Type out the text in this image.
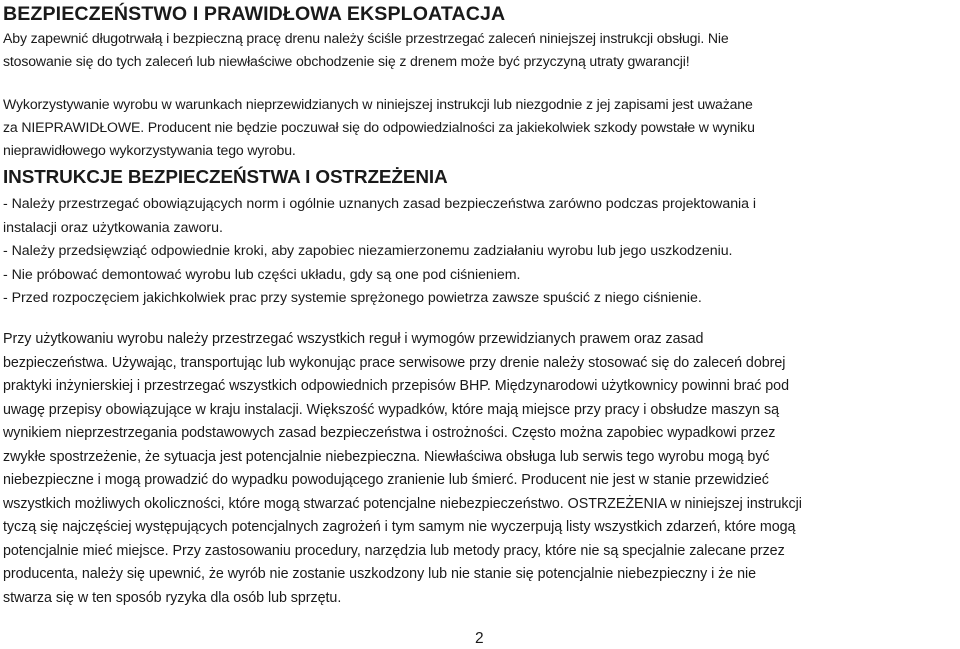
BEZPIECZEŃSTWO I PRAWIDŁOWA EKSPLOATACJA

Aby zapewnić długotrwałą i bezpieczną pracę drenu należy ściśle przestrzegać zaleceń niniejszej instrukcji obsługi. Nie
stosowanie się do tych zaleceń lub niewłaściwe obchodzenie się z drenem może być przyczyną utraty gwarancji!

Wykorzystywanie wyrobu w warunkach nieprzewidzianych w niniejszej instrukcji lub niezgodnie z jej zapisami jest uważane
za NIEPRAWIDŁOWE. Producent nie będzie poczuwał się do odpowiedzialności za jakiekolwiek szkody powstałe w wyniku
nieprawidłowego wykorzystywania tego wyrobu.

INSTRUKCJE BEZPIECZEŃSTWA I OSTRZEŻENIA

- Należy przestrzegać obowiązujących norm i ogólnie uznanych zasad bezpieczeństwa zarówno podczas projektowania i
instalacji oraz użytkowania zaworu.
- Należy przedsięwziąć odpowiednie kroki, aby zapobiec niezamierzonemu zadziałaniu wyrobu lub jego uszkodzeniu.
- Nie próbować demontować wyrobu lub części układu, gdy są one pod ciśnieniem.
- Przed rozpoczęciem jakichkolwiek prac przy systemie sprężonego powietrza zawsze spuścić z niego ciśnienie.

Przy użytkowaniu wyrobu należy przestrzegać wszystkich reguł i wymogów przewidzianych prawem oraz zasad
bezpieczeństwa. Używając, transportując lub wykonując prace serwisowe przy drenie należy stosować się do zaleceń dobrej
praktyki inżynierskiej i przestrzegać wszystkich odpowiednich przepisów BHP. Międzynarodowi użytkownicy powinni brać pod
uwagę przepisy obowiązujące w kraju instalacji. Większość wypadków, które mają miejsce przy pracy i obsłudze maszyn są
wynikiem nieprzestrzegania podstawowych zasad bezpieczeństwa i ostrożności. Często można zapobiec wypadkowi przez
zwykłe spostrzeżenie, że sytuacja jest potencjalnie niebezpieczna. Niewłaściwa obsługa lub serwis tego wyrobu mogą być
niebezpieczne i mogą prowadzić do wypadku powodującego zranienie lub śmierć. Producent nie jest w stanie przewidzieć
wszystkich możliwych okoliczności, które mogą stwarzać potencjalne niebezpieczeństwo. OSTRZEŻENIA w niniejszej instrukcji
tyczą się najczęściej występujących potencjalnych zagrożeń i tym samym nie wyczerpują listy wszystkich zdarzeń, które mogą
potencjalnie mieć miejsce. Przy zastosowaniu procedury, narzędzia lub metody pracy, które nie są specjalnie zalecane przez
producenta, należy się upewnić, że wyrób nie zostanie uszkodzony lub nie stanie się potencjalnie niebezpieczny i że nie
stwarza się w ten sposób ryzyka dla osób lub sprzętu.

2
